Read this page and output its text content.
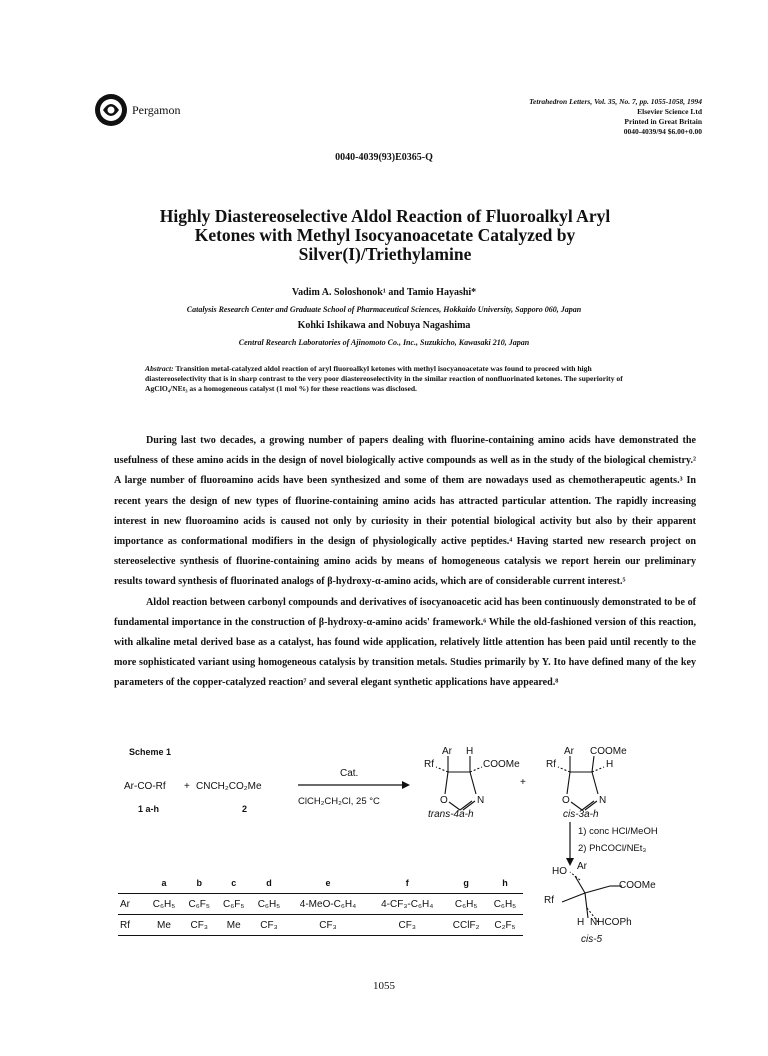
Pergamon
Tetrahedron Letters, Vol. 35, No. 7, pp. 1055-1058, 1994
Elsevier Science Ltd
Printed in Great Britain
0040-4039/94 $6.00+0.00
0040-4039(93)E0365-Q
Highly Diastereoselective Aldol Reaction of Fluoroalkyl Aryl
Ketones with Methyl Isocyanoacetate Catalyzed by
Silver(I)/Triethylamine
Vadim A. Soloshonok¹ and Tamio Hayashi*
Catalysis Research Center and Graduate School of Pharmaceutical Sciences, Hokkaido University, Sapporo 060, Japan
Kohki Ishikawa and Nobuya Nagashima
Central Research Laboratories of Ajinomoto Co., Inc., Suzukicho, Kawasaki 210, Japan
Abstract: Transition metal-catalyzed aldol reaction of aryl fluoroalkyl ketones with methyl isocyanoacetate was found to proceed with high diastereoselectivity that is in sharp contrast to the very poor diastereoselectivity in the similar reaction of nonfluorinated ketones. The superiority of AgClO₄/NEt₃ as a homogeneous catalyst (1 mol %) for these reactions was disclosed.

During last two decades, a growing number of papers dealing with fluorine-containing amino acids have demonstrated the usefulness of these amino acids in the design of novel biologically active compounds as well as in the study of the biological chemistry.² A large number of fluoroamino acids have been synthesized and some of them are nowadays used as chemotherapeutic agents.³ In recent years the design of new types of fluorine-containing amino acids has attracted particular attention. The rapidly increasing interest in new fluoroamino acids is caused not only by curiosity in their potential biological activity but also by their apparent importance as conformational modifiers in the design of physiologically active peptides.⁴ Having started new research project on stereoselective synthesis of fluorine-containing amino acids by means of homogeneous catalysis we report herein our preliminary results toward synthesis of fluorinated analogs of β-hydroxy-α-amino acids, which are of considerable current interest.⁵

Aldol reaction between carbonyl compounds and derivatives of isocyanoacetic acid has been continuously demonstrated to be of fundamental importance in the construction of β-hydroxy-α-amino acids' framework.⁶ While the old-fashioned version of this reaction, with alkaline metal derived base as a catalyst, has found wide application, relatively little attention has been paid until recently to the more sophisticated variant using homogeneous catalysis by transition metals. Studies primarily by Y. Ito have defined many of the key parameters of the copper-catalyzed reaction⁷ and several elegant synthetic applications have appeared.⁸

Scheme 1
Ar-CO-Rf + CNCH₂CO₂Me
1 a-h	2
Cat.
ClCH₂CH₂Cl, 25 °C
Ar H
Rf	COOMe
O	N
trans-4a-h
+
Ar COOMe
Rf	H
O	N
cis-3a-h
1) conc HCl/MeOH
2) PhCOCl/NEt₃
HO Ar
COOMe
Rf
H NHCOPh
cis-5
	a	b	c	d	e	f	g	h
Ar	C₆H₅	C₆F₅	C₆F₅	C₆H₅	4-MeO-C₆H₄	4-CF₃-C₆H₄	C₆H₅	C₆H₅
Rf	Me	CF₃	Me	CF₃	CF₃	CF₃	CClF₂	C₂F₅
1055
